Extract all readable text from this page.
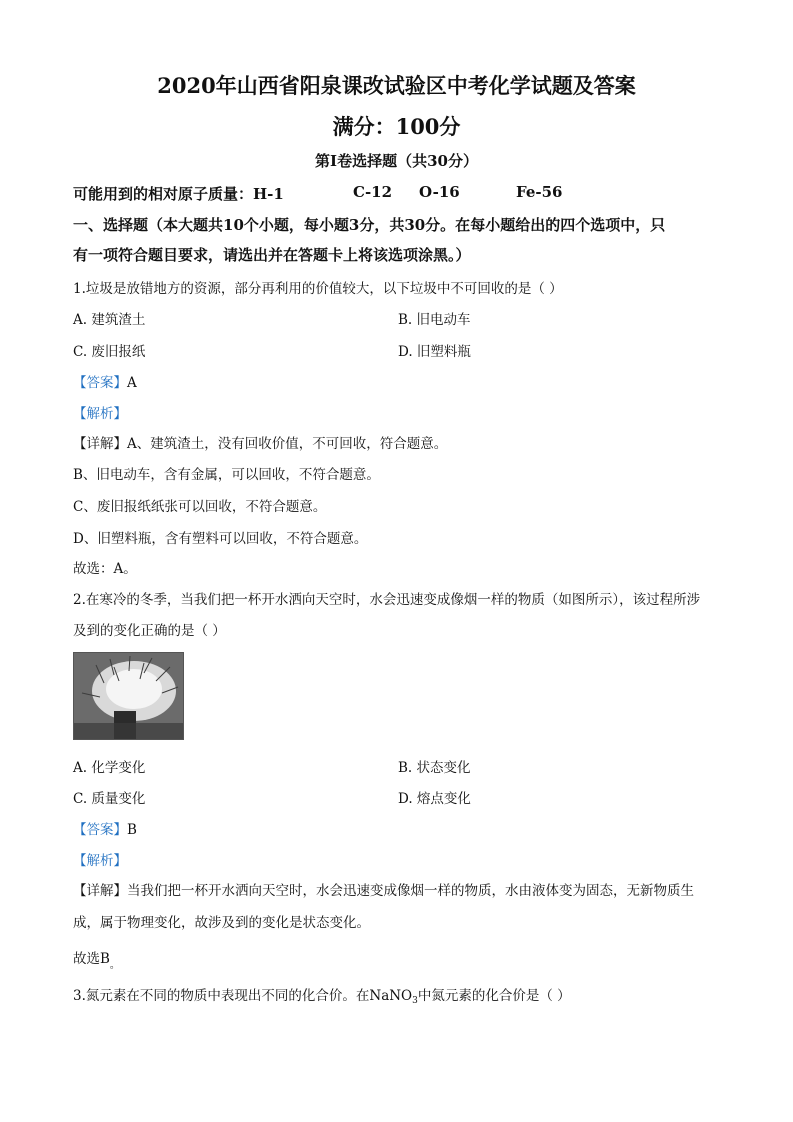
2020年山西省阳泉课改试验区中考化学试题及答案
满分：100分
第Ⅰ卷选择题（共30分）
可能用到的相对原子质量：H-1	C-12 O-16	Fe-56
一、选择题（本大题共10个小题，每小题3分，共30分。在每小题给出的四个选项中，只
有一项符合题目要求，请选出并在答题卡上将该选项涂黑。）
1.垃圾是放错地方的资源，部分再利用的价值较大，以下垃圾中不可回收的是（ ）
A. 建筑渣土	B. 旧电动车
C. 废旧报纸	D. 旧塑料瓶
【答案】A
【解析】
【详解】A、建筑渣土，没有回收价值，不可回收，符合题意。
B、旧电动车，含有金属，可以回收，不符合题意。
C、废旧报纸纸张可以回收，不符合题意。
D、旧塑料瓶，含有塑料可以回收，不符合题意。
故选：A。
2.在寒冷的冬季，当我们把一杯开水洒向天空时，水会迅速变成像烟一样的物质（如图所示），该过程所涉
及到的变化正确的是（ ）
A. 化学变化	B. 状态变化
C. 质量变化	D. 熔点变化
【答案】B
【解析】
【详解】当我们把一杯开水洒向天空时，水会迅速变成像烟一样的物质，水由液体变为固态，无新物质生
成，属于物理变化，故涉及到的变化是状态变化。
故选$B_。$
3.氮元素在不同的物质中表现出不同的化合价。在NaNO$_3$中氮元素的化合价是（ ）
